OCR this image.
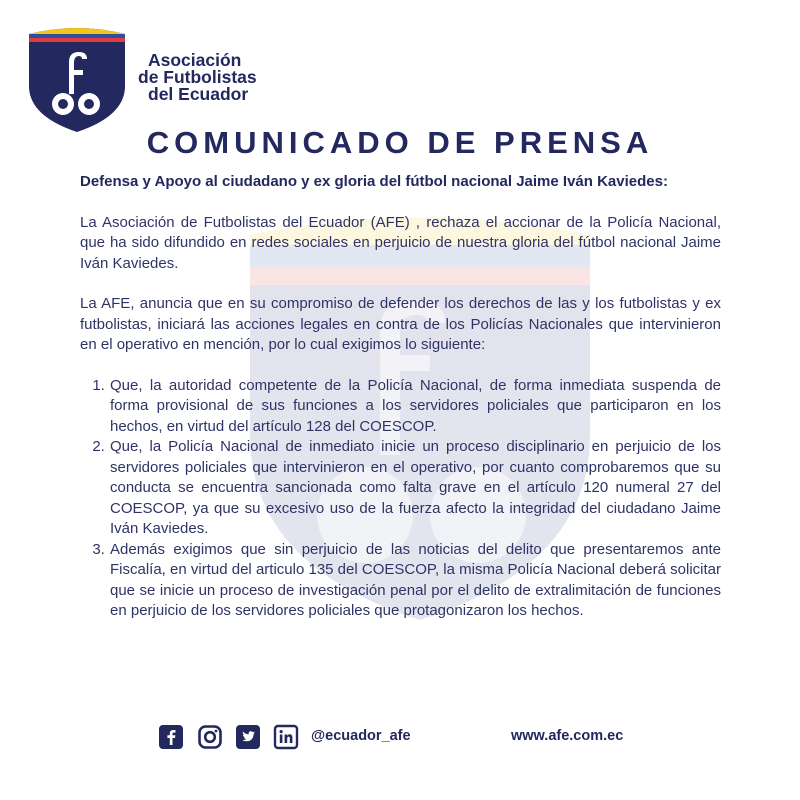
Asociación
de Futbolistas
del Ecuador
COMUNICADO DE PRENSA

Defensa y Apoyo al ciudadano y ex gloria del fútbol nacional Jaime Iván Kaviedes:

La Asociación de Futbolistas del Ecuador (AFE) , rechaza el accionar de la Policía Nacional, que ha sido difundido en redes sociales en perjuicio de nuestra gloria del fútbol nacional Jaime Iván Kaviedes.

La AFE, anuncia que en su compromiso de defender los derechos de las y los futbolistas y ex futbolistas, iniciará las acciones legales en contra de los Policías Nacionales que intervinieron en el operativo en mención, por lo cual exigimos lo siguiente:

1. Que, la autoridad competente de la Policía Nacional, de forma inmediata suspenda de forma provisional de sus funciones a los servidores policiales que participaron en los hechos, en virtud del artículo 128 del COESCOP.
2. Que, la Policía Nacional de inmediato inicie un proceso disciplinario en perjuicio de los servidores policiales que intervinieron en el operativo, por cuanto comprobaremos que su conducta se encuentra sancionada como falta grave en el artículo 120 numeral 27 del COESCOP, ya que su excesivo uso de la fuerza afecto la integridad del ciudadano Jaime Iván Kaviedes.
3. Además exigimos que sin perjuicio de las noticias del delito que presentaremos ante Fiscalía, en virtud del articulo 135 del COESCOP, la misma Policía Nacional deberá solicitar que se inicie un proceso de investigación penal por el delito de extralimitación de funciones en perjuicio de los servidores policiales que protagonizaron los hechos.
@ecuador_afe	www.afe.com.ec
